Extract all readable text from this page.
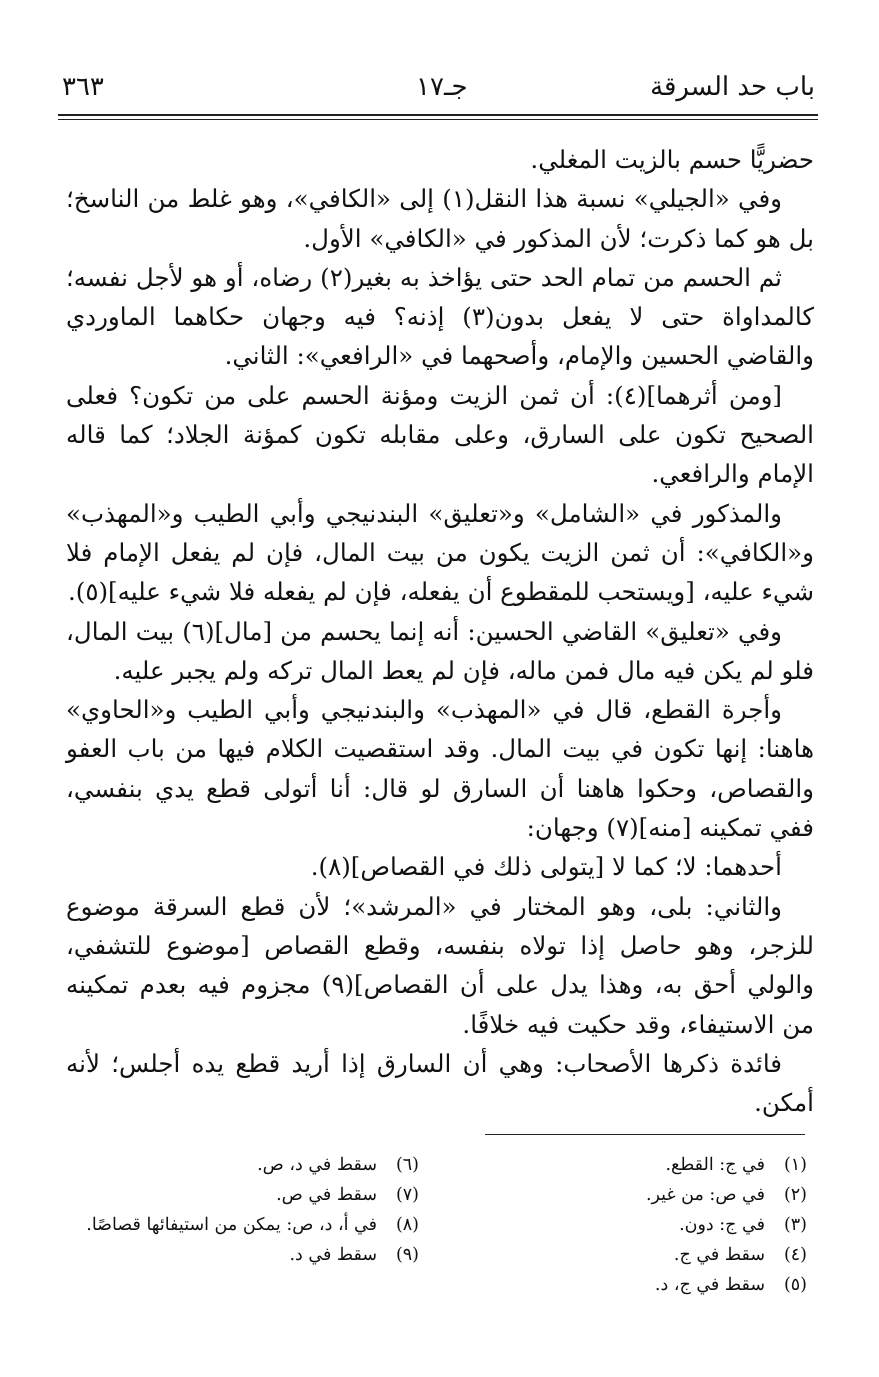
باب حد السرقة
جـ١٧
٣٦٣

حضريًّا حسم بالزيت المغلي.

وفي «الجيلي» نسبة هذا النقل(١) إلى «الكافي»، وهو غلط من الناسخ؛ بل هو كما ذكرت؛ لأن المذكور في «الكافي» الأول.

ثم الحسم من تمام الحد حتى يؤاخذ به بغير(٢) رضاه، أو هو لأجل نفسه؛ كالمداواة حتى لا يفعل بدون(٣) إذنه؟ فيه وجهان حكاهما الماوردي والقاضي الحسين والإمام، وأصحهما في «الرافعي»: الثاني.

[ومن أثرهما](٤): أن ثمن الزيت ومؤنة الحسم على من تكون؟ فعلى الصحيح تكون على السارق، وعلى مقابله تكون كمؤنة الجلاد؛ كما قاله الإمام والرافعي.

والمذكور في «الشامل» و«تعليق» البندنيجي وأبي الطيب و«المهذب» و«الكافي»: أن ثمن الزيت يكون من بيت المال، فإن لم يفعل الإمام فلا شيء عليه، [ويستحب للمقطوع أن يفعله، فإن لم يفعله فلا شيء عليه](٥).

وفي «تعليق» القاضي الحسين: أنه إنما يحسم من [مال](٦) بيت المال، فلو لم يكن فيه مال فمن ماله، فإن لم يعط المال تركه ولم يجبر عليه.

وأجرة القطع، قال في «المهذب» والبندنيجي وأبي الطيب و«الحاوي» هاهنا: إنها تكون في بيت المال. وقد استقصيت الكلام فيها من باب العفو والقصاص، وحكوا هاهنا أن السارق لو قال: أنا أتولى قطع يدي بنفسي، ففي تمكينه [منه](٧) وجهان:

أحدهما: لا؛ كما لا [يتولى ذلك في القصاص](٨).

والثاني: بلى، وهو المختار في «المرشد»؛ لأن قطع السرقة موضوع للزجر، وهو حاصل إذا تولاه بنفسه، وقطع القصاص [موضوع للتشفي، والولي أحق به، وهذا يدل على أن القصاص](٩) مجزوم فيه بعدم تمكينه من الاستيفاء، وقد حكيت فيه خلافًا.

فائدة ذكرها الأصحاب: وهي أن السارق إذا أريد قطع يده أجلس؛ لأنه أمكن.

(١)في ج: القطع.
(٢)في ص: من غير.
(٣)في ج: دون.
(٤)سقط في ج.
(٥)سقط في ج، د.
(٦)سقط في د، ص.
(٧)سقط في ص.
(٨)في أ، د، ص: يمكن من استيفائها قصاصًا.
(٩)سقط في د.
